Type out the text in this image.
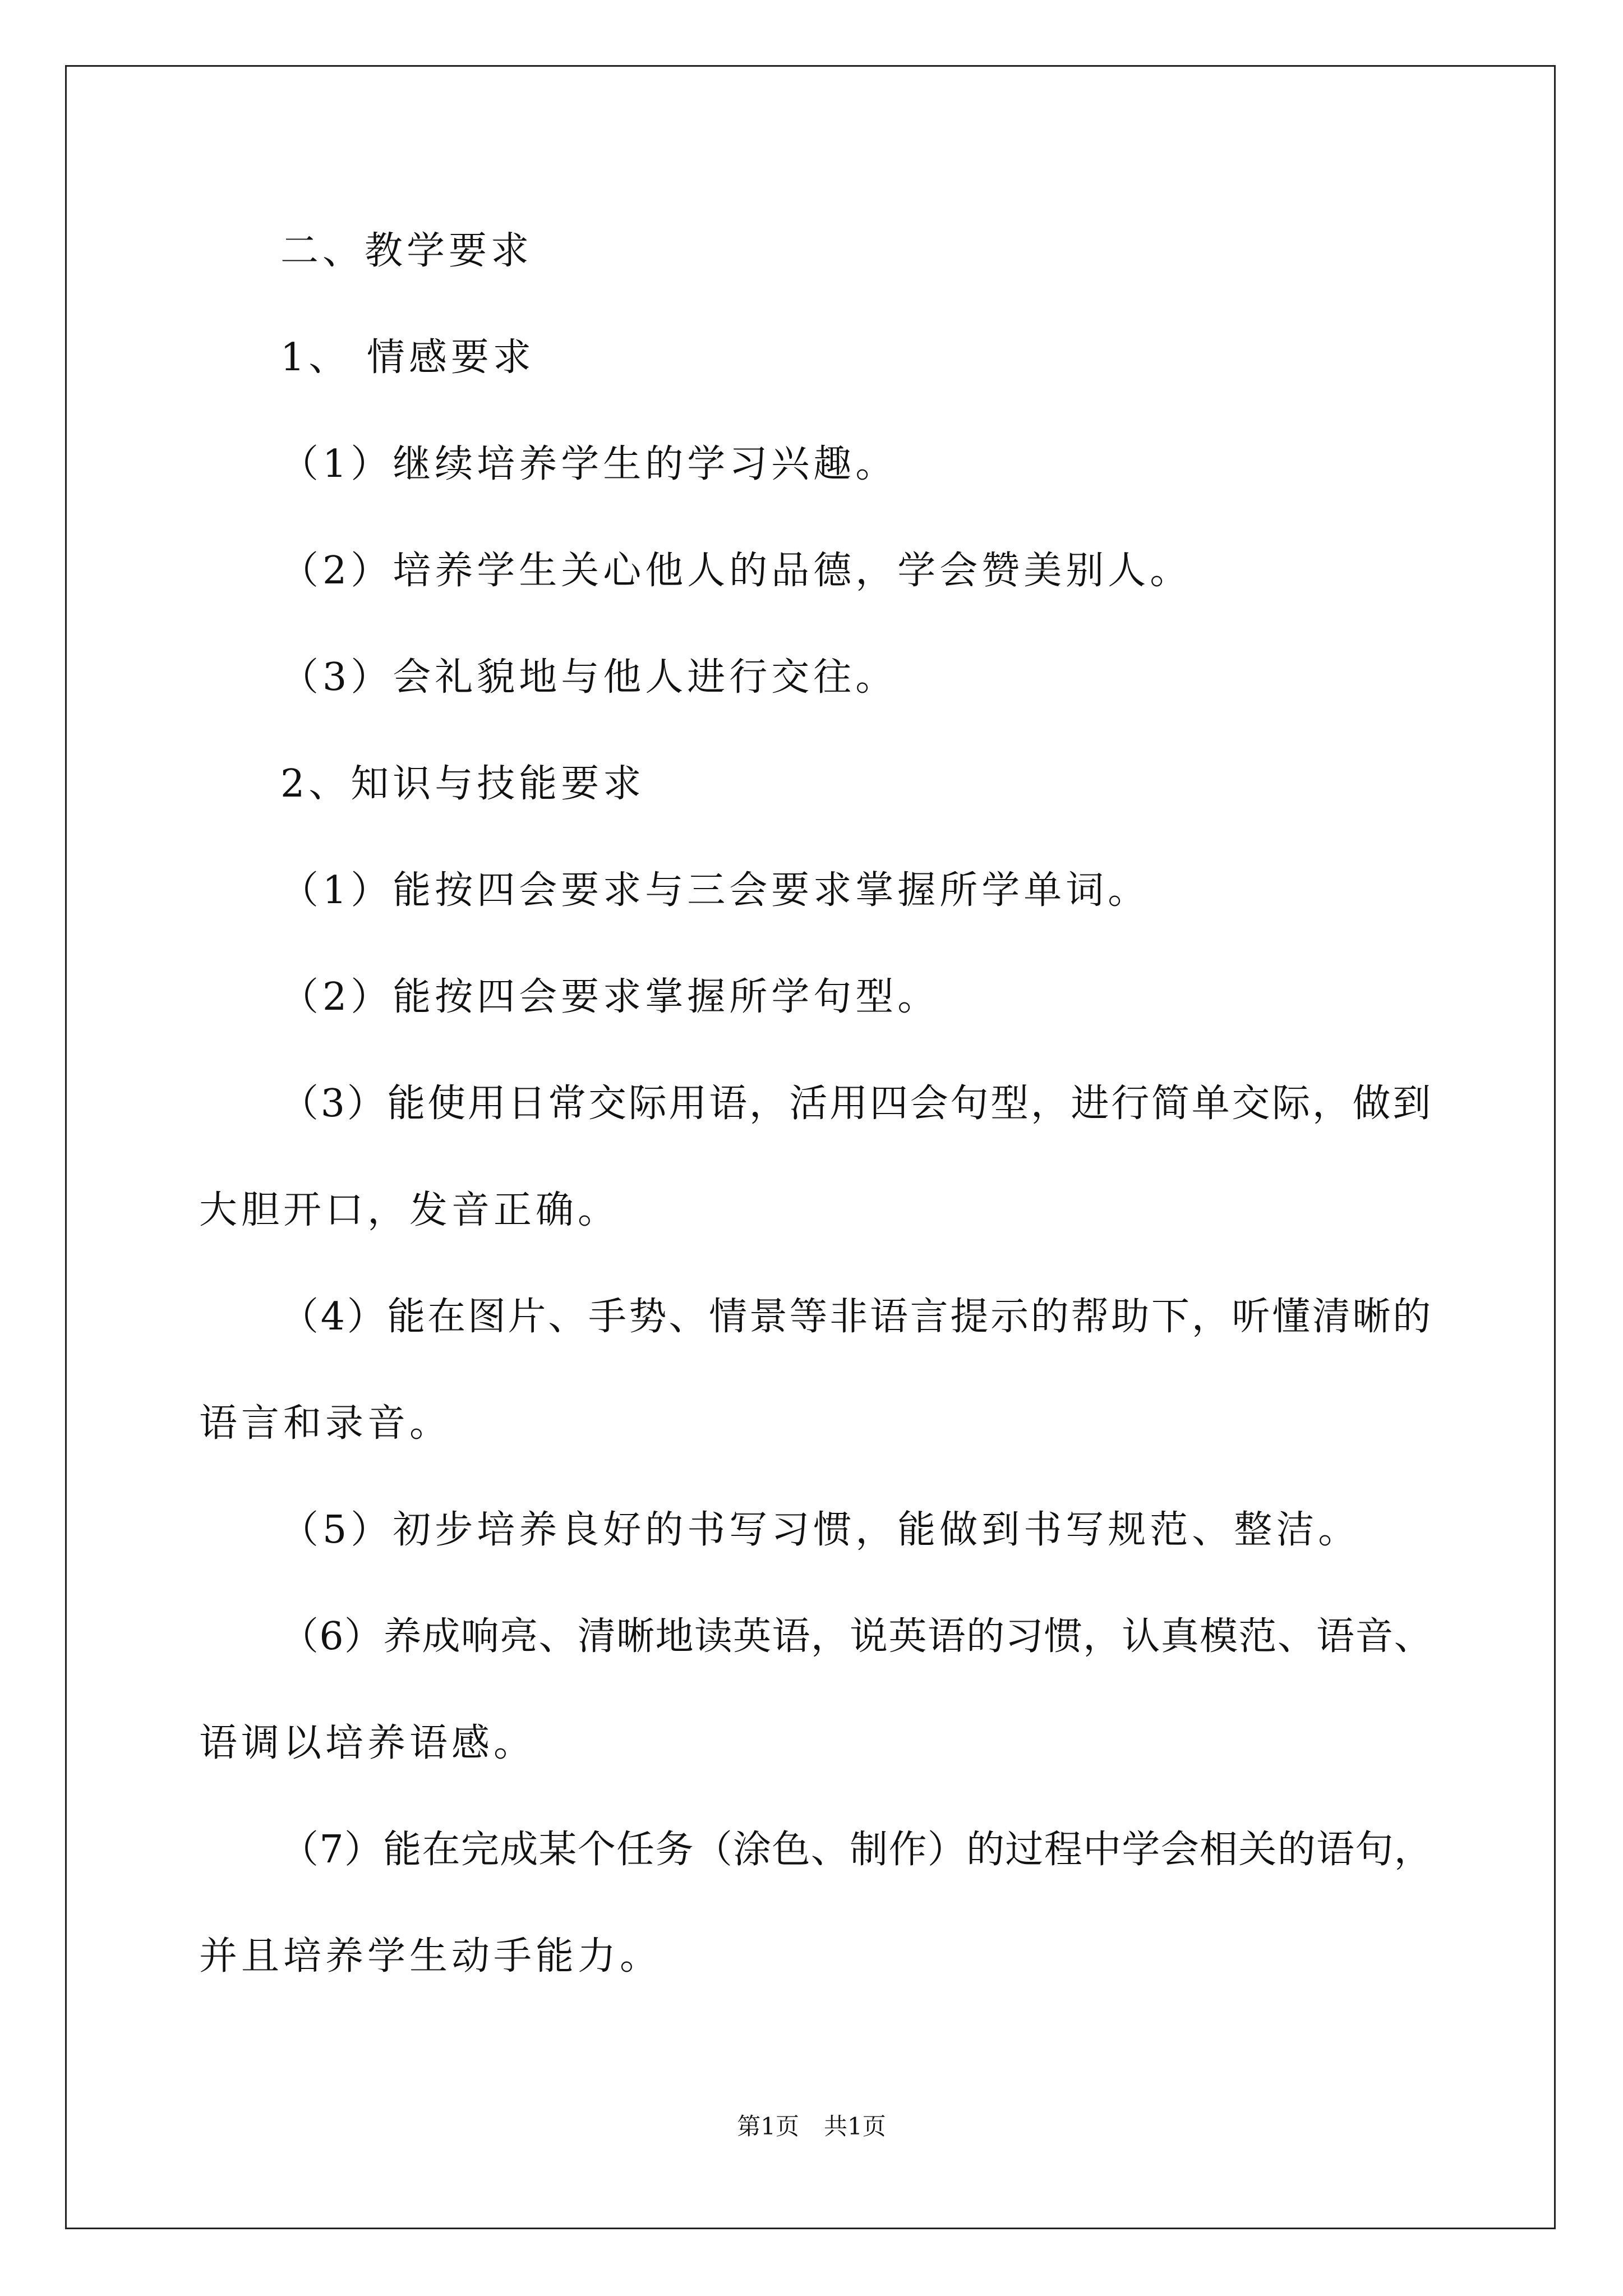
二、教学要求
1、 情感要求
（1）继续培养学生的学习兴趣。
（2）培养学生关心他人的品德，学会赞美别人。
（3）会礼貌地与他人进行交往。
2、知识与技能要求
（1）能按四会要求与三会要求掌握所学单词。
（2）能按四会要求掌握所学句型。
（3）能使用日常交际用语，活用四会句型，进行简单交际，做到
大胆开口，发音正确。
（4）能在图片、手势、情景等非语言提示的帮助下，听懂清晰的
语言和录音。
（5）初步培养良好的书写习惯，能做到书写规范、整洁。
（6）养成响亮、清晰地读英语，说英语的习惯，认真模范、语音、
语调以培养语感。
（7）能在完成某个任务（涂色、制作）的过程中学会相关的语句，
并且培养学生动手能力。
第1页 共1页
